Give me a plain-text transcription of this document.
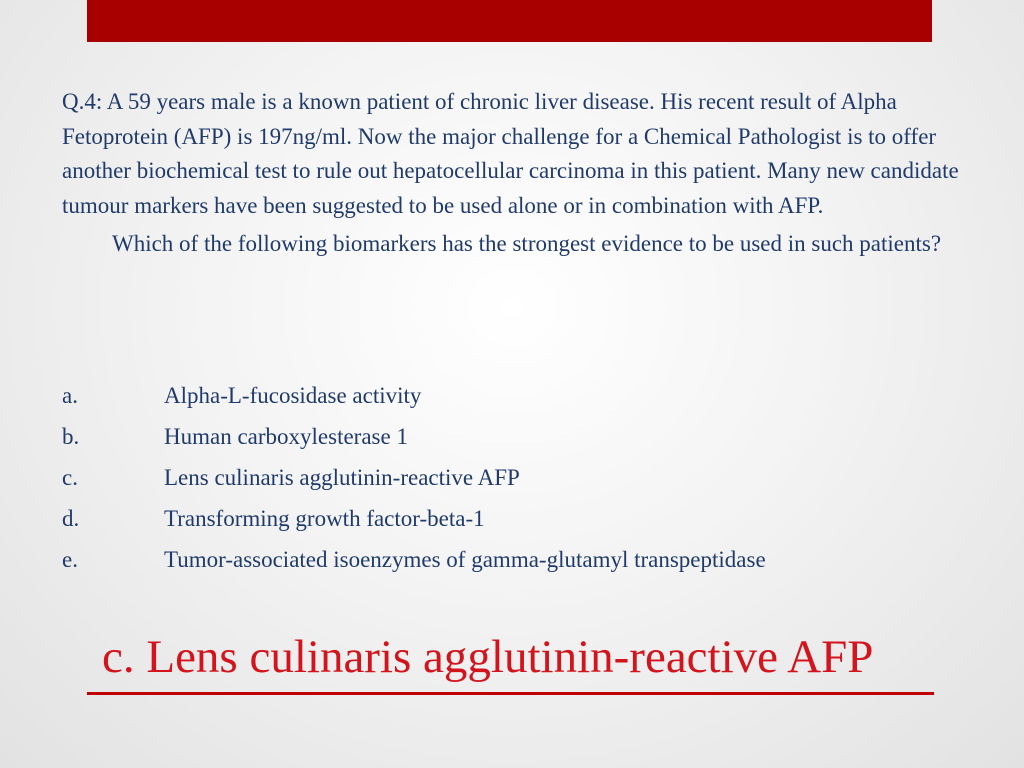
Q.4: A 59 years male is a known patient of chronic liver disease. His recent result of Alpha Fetoprotein (AFP) is 197ng/ml. Now the major challenge for a Chemical Pathologist is to offer another biochemical test to rule out hepatocellular carcinoma in this patient. Many new candidate tumour markers have been suggested to be used alone or in combination with AFP.

Which of the following biomarkers has the strongest evidence to be used in such patients?

a.	Alpha-L-fucosidase activity
b.	Human carboxylesterase 1
c.	Lens culinaris agglutinin-reactive AFP
d.	Transforming growth factor-beta-1
e.	Tumor-associated isoenzymes of gamma-glutamyl transpeptidase
c. Lens culinaris agglutinin-reactive AFP
